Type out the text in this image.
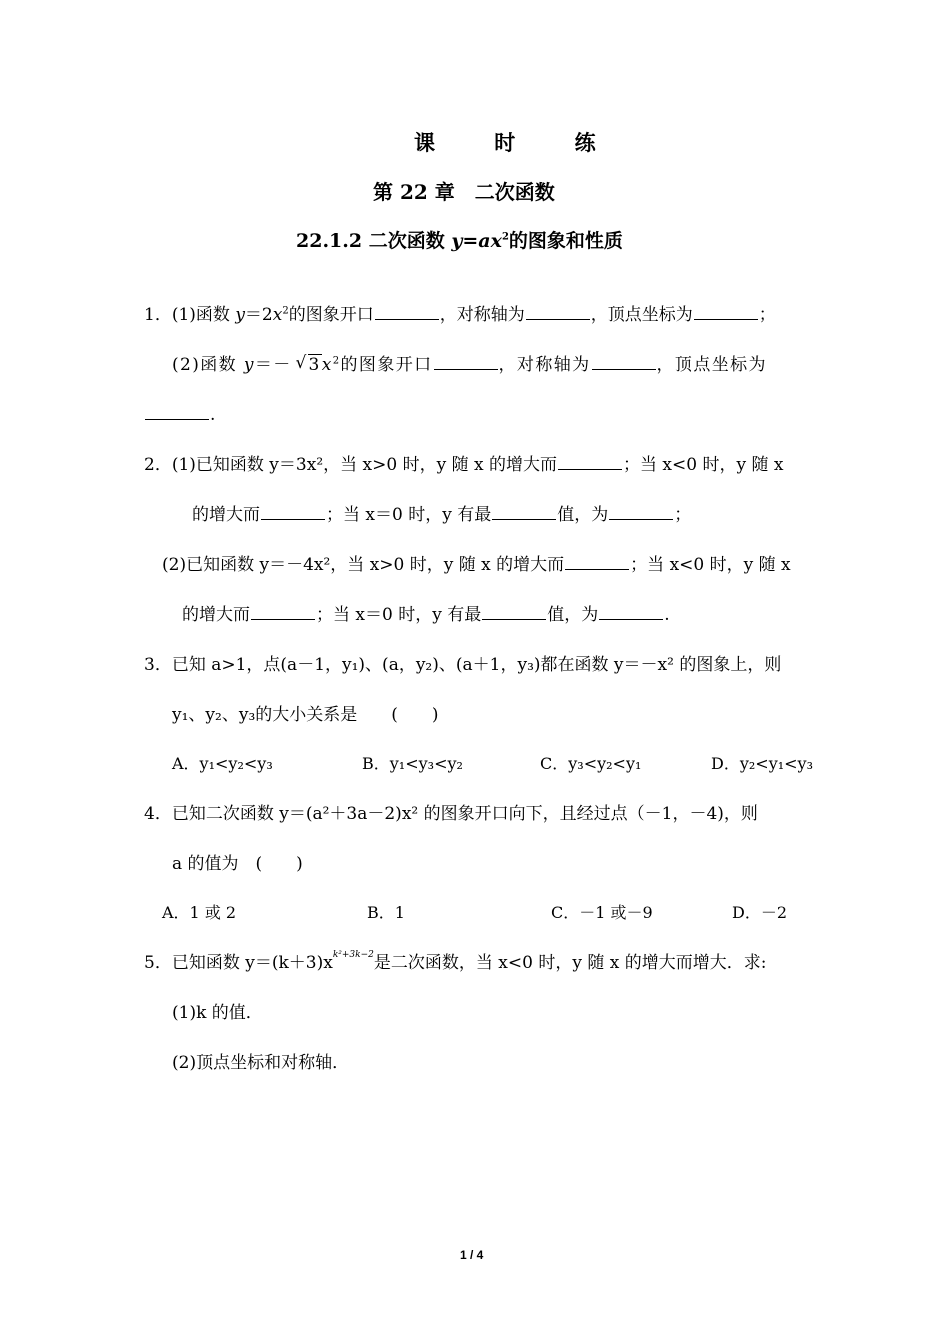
课 时 练
第 22 章　二次函数
22.1.2 二次函数 $y=ax^2$的图象和性质
1．(1)函数 $y=2x^2$的图象开口	，对称轴为	，顶点坐标为	；
(2)函数 y＝－ √ $3x^2$的图象开口	，对称轴为	，顶点坐标为
.
2．(1)已知函数 y＝3x²，当 x>0 时，y 随 x 的增大而	；当 x<0 时，y 随 x
的增大而	；当 x＝0 时，y 有最	值，为	；
(2)已知函数 y＝－4x²，当 x>0 时，y 随 x 的增大而	；当 x<0 时，y 随 x
的增大而	；当 x＝0 时，y 有最	值，为	.
3．已知 a>1，点(a－1，y₁)、(a，y₂)、(a＋1，y₃)都在函数 y＝－x² 的图象上，则
y₁、y₂、y₃的大小关系是　　(　　)
A．y₁<y₂<y₃	B．y₁<y₃<y₂	C．y₃<y₂<y₁	D．y₂<y₁<y₃
4．已知二次函数 y＝(a²＋3a－2)x² 的图象开口向下，且经过点（－1，－4)，则
a 的值为　(　　)
A．1 或 2	B．1	C．－1 或－9	D．－2
5．已知函数 $y=(k+3)x^{k^2+3k-2}$是二次函数，当 x<0 时，y 随 x 的增大而增大．求:
(1)k 的值．
(2)顶点坐标和对称轴．
1 / 4
